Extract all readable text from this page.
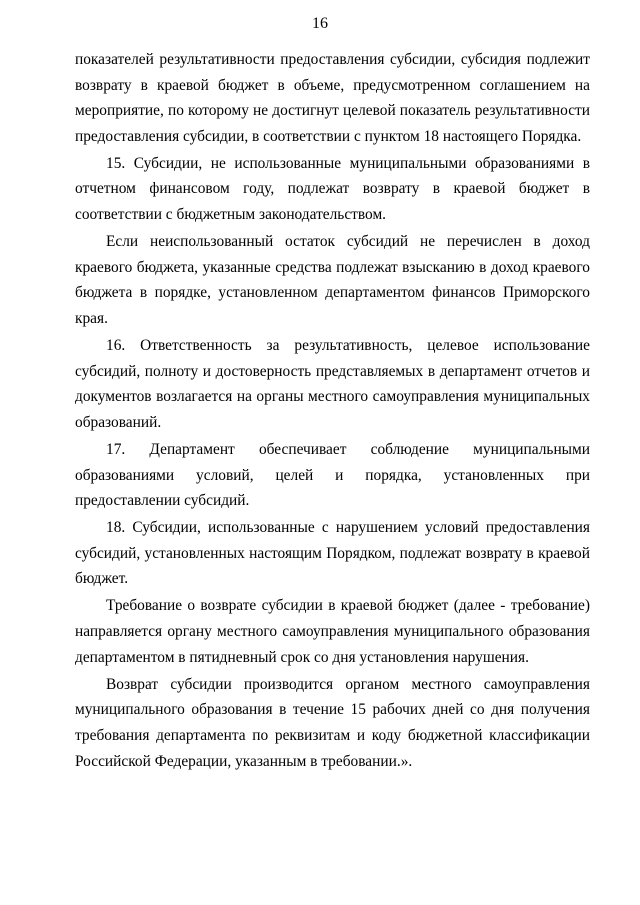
16

показателей результативности предоставления субсидии, субсидия подлежит возврату в краевой бюджет в объеме, предусмотренном соглашением на мероприятие, по которому не достигнут целевой показатель результативности предоставления субсидии, в соответствии с пунктом 18 настоящего Порядка.

15. Субсидии, не использованные муниципальными образованиями в отчетном финансовом году, подлежат возврату в краевой бюджет в соответствии с бюджетным законодательством.

Если неиспользованный остаток субсидий не перечислен в доход краевого бюджета, указанные средства подлежат взысканию в доход краевого бюджета в порядке, установленном департаментом финансов Приморского края.

16. Ответственность за результативность, целевое использование субсидий, полноту и достоверность представляемых в департамент отчетов и документов возлагается на органы местного самоуправления муниципальных образований.

17. Департамент обеспечивает соблюдение муниципальными образованиями условий, целей и порядка, установленных при предоставлении субсидий.

18. Субсидии, использованные с нарушением условий предоставления субсидий, установленных настоящим Порядком, подлежат возврату в краевой бюджет.

Требование о возврате субсидии в краевой бюджет (далее - требование) направляется органу местного самоуправления муниципального образования департаментом в пятидневный срок со дня установления нарушения.

Возврат субсидии производится органом местного самоуправления муниципального образования в течение 15 рабочих дней со дня получения требования департамента по реквизитам и коду бюджетной классификации Российской Федерации, указанным в требовании.».
